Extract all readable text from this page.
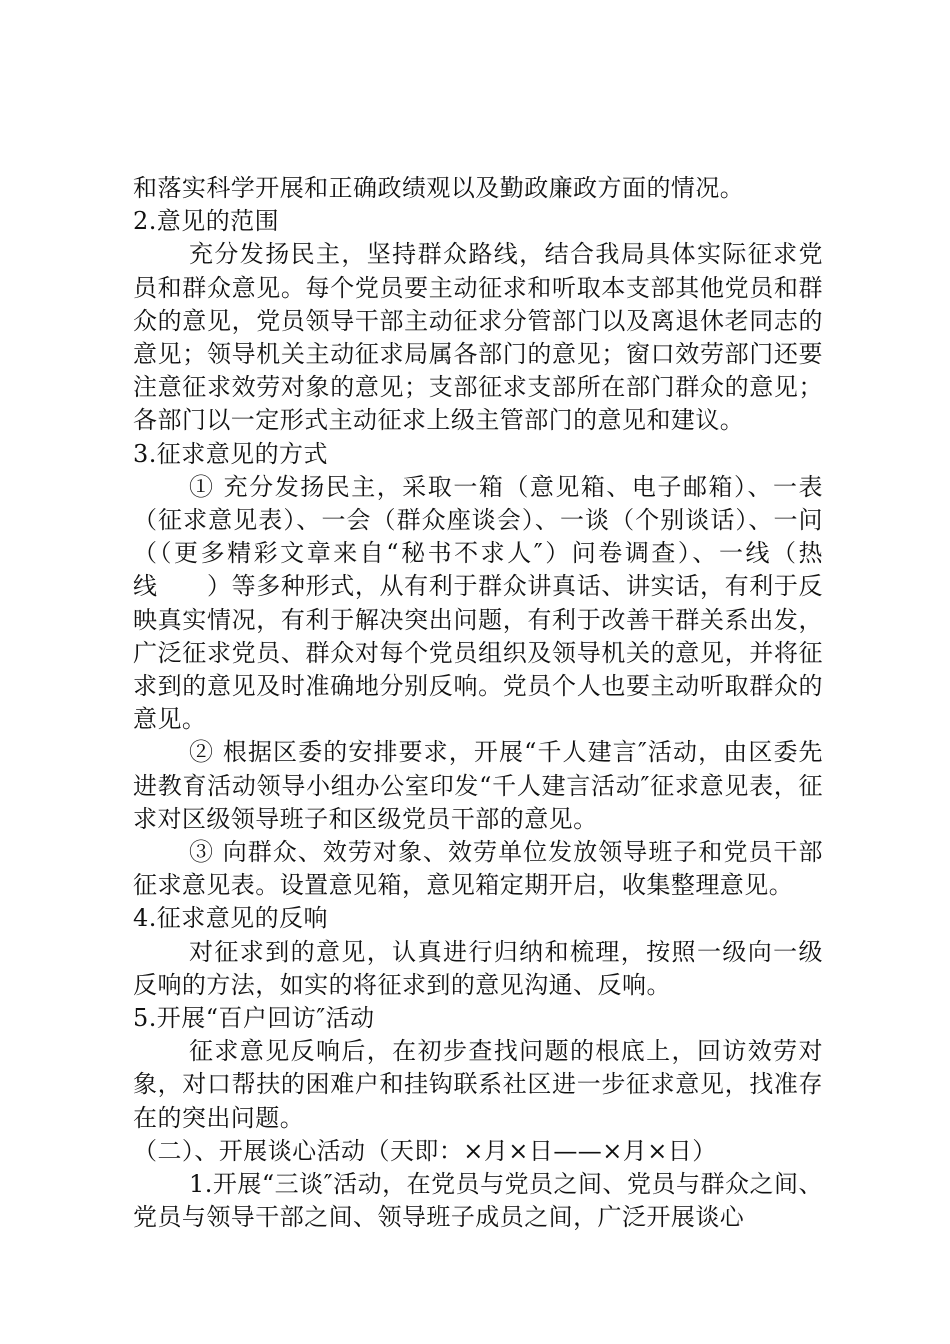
和落实科学开展和正确政绩观以及勤政廉政方面的情况。

2.意见的范围

充分发扬民主，坚持群众路线，结合我局具体实际征求党员和群众意见。每个党员要主动征求和听取本支部其他党员和群众的意见，党员领导干部主动征求分管部门以及离退休老同志的意见；领导机关主动征求局属各部门的意见；窗口效劳部门还要注意征求效劳对象的意见；支部征求支部所在部门群众的意见；各部门以一定形式主动征求上级主管部门的意见和建议。

3.征求意见的方式

① 充分发扬民主，采取一箱（意见箱、电子邮箱）、一表（征求意见表）、一会（群众座谈会）、一谈（个别谈话）、一问（（更多精彩文章来自“秘书不求人″）问卷调查）、一线（热线　　）等多种形式，从有利于群众讲真话、讲实话，有利于反映真实情况，有利于解决突出问题，有利于改善干群关系出发，广泛征求党员、群众对每个党员组织及领导机关的意见，并将征求到的意见及时准确地分别反响。党员个人也要主动听取群众的意见。

② 根据区委的安排要求，开展“千人建言″活动，由区委先进教育活动领导小组办公室印发“千人建言活动″征求意见表，征求对区级领导班子和区级党员干部的意见。

③ 向群众、效劳对象、效劳单位发放领导班子和党员干部征求意见表。设置意见箱，意见箱定期开启，收集整理意见。

4.征求意见的反响

对征求到的意见，认真进行归纳和梳理，按照一级向一级反响的方法，如实的将征求到的意见沟通、反响。

5.开展“百户回访″活动

征求意见反响后，在初步查找问题的根底上，回访效劳对象，对口帮扶的困难户和挂钩联系社区进一步征求意见，找准存在的突出问题。

（二）、开展谈心活动（天即：×月×日——×月×日）

1.开展“三谈″活动，在党员与党员之间、党员与群众之间、党员与领导干部之间、领导班子成员之间，广泛开展谈心
